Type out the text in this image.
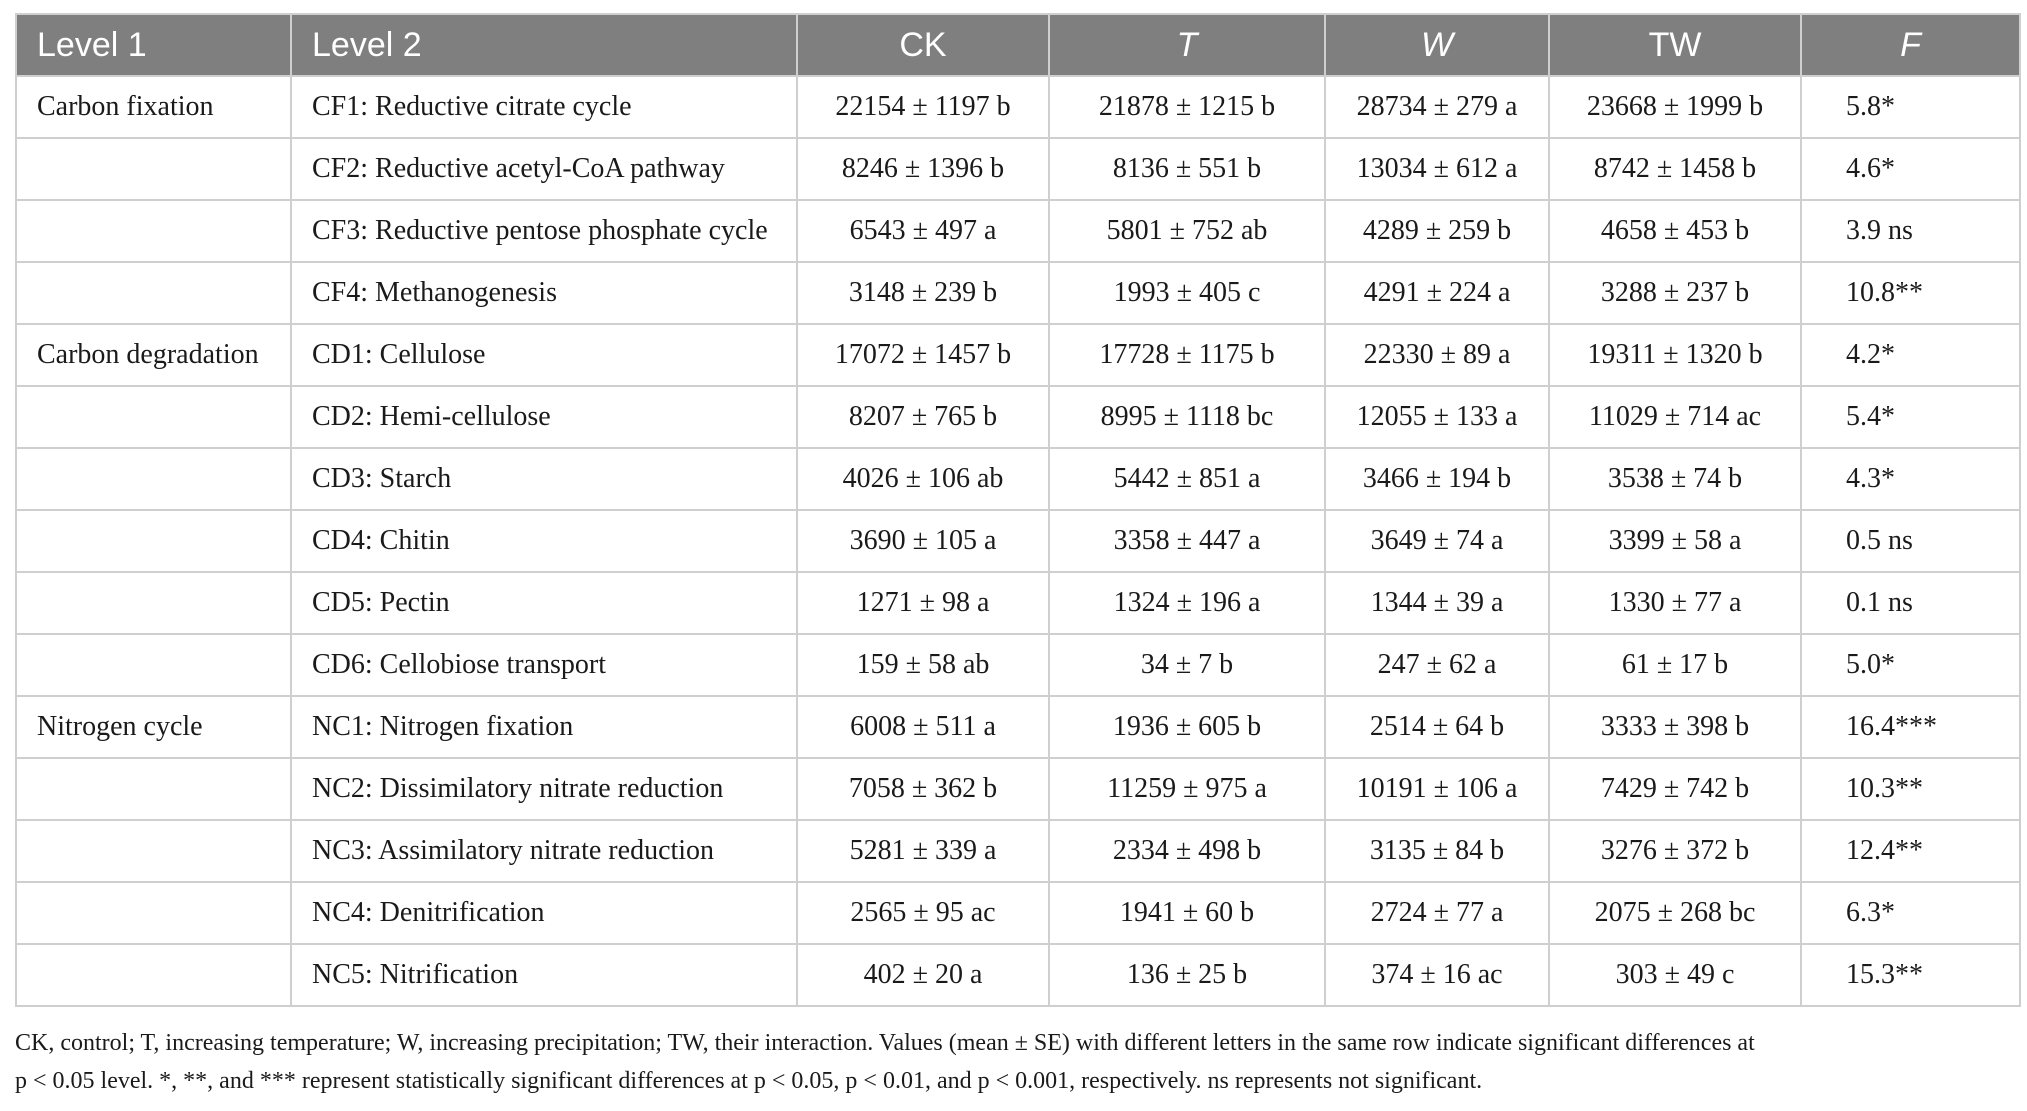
Level 1	Level 2	CK	T	W	TW	F
Carbon fixation	CF1: Reductive citrate cycle	22154 ± 1197 b	21878 ± 1215 b	28734 ± 279 a	23668 ± 1999 b	5.8*
	CF2: Reductive acetyl-CoA pathway	8246 ± 1396 b	8136 ± 551 b	13034 ± 612 a	8742 ± 1458 b	4.6*
	CF3: Reductive pentose phosphate cycle	6543 ± 497 a	5801 ± 752 ab	4289 ± 259 b	4658 ± 453 b	3.9 ns
	CF4: Methanogenesis	3148 ± 239 b	1993 ± 405 c	4291 ± 224 a	3288 ± 237 b	10.8**
Carbon degradation	CD1: Cellulose	17072 ± 1457 b	17728 ± 1175 b	22330 ± 89 a	19311 ± 1320 b	4.2*
	CD2: Hemi-cellulose	8207 ± 765 b	8995 ± 1118 bc	12055 ± 133 a	11029 ± 714 ac	5.4*
	CD3: Starch	4026 ± 106 ab	5442 ± 851 a	3466 ± 194 b	3538 ± 74 b	4.3*
	CD4: Chitin	3690 ± 105 a	3358 ± 447 a	3649 ± 74 a	3399 ± 58 a	0.5 ns
	CD5: Pectin	1271 ± 98 a	1324 ± 196 a	1344 ± 39 a	1330 ± 77 a	0.1 ns
	CD6: Cellobiose transport	159 ± 58 ab	34 ± 7 b	247 ± 62 a	61 ± 17 b	5.0*
Nitrogen cycle	NC1: Nitrogen fixation	6008 ± 511 a	1936 ± 605 b	2514 ± 64 b	3333 ± 398 b	16.4***
	NC2: Dissimilatory nitrate reduction	7058 ± 362 b	11259 ± 975 a	10191 ± 106 a	7429 ± 742 b	10.3**
	NC3: Assimilatory nitrate reduction	5281 ± 339 a	2334 ± 498 b	3135 ± 84 b	3276 ± 372 b	12.4**
	NC4: Denitrification	2565 ± 95 ac	1941 ± 60 b	2724 ± 77 a	2075 ± 268 bc	6.3*
	NC5: Nitrification	402 ± 20 a	136 ± 25 b	374 ± 16 ac	303 ± 49 c	15.3**
CK, control; T, increasing temperature; W, increasing precipitation; TW, their interaction. Values (mean ± SE) with different letters in the same row indicate significant differences at
p < 0.05 level. *, **, and *** represent statistically significant differences at p < 0.05, p < 0.01, and p < 0.001, respectively. ns represents not significant.
